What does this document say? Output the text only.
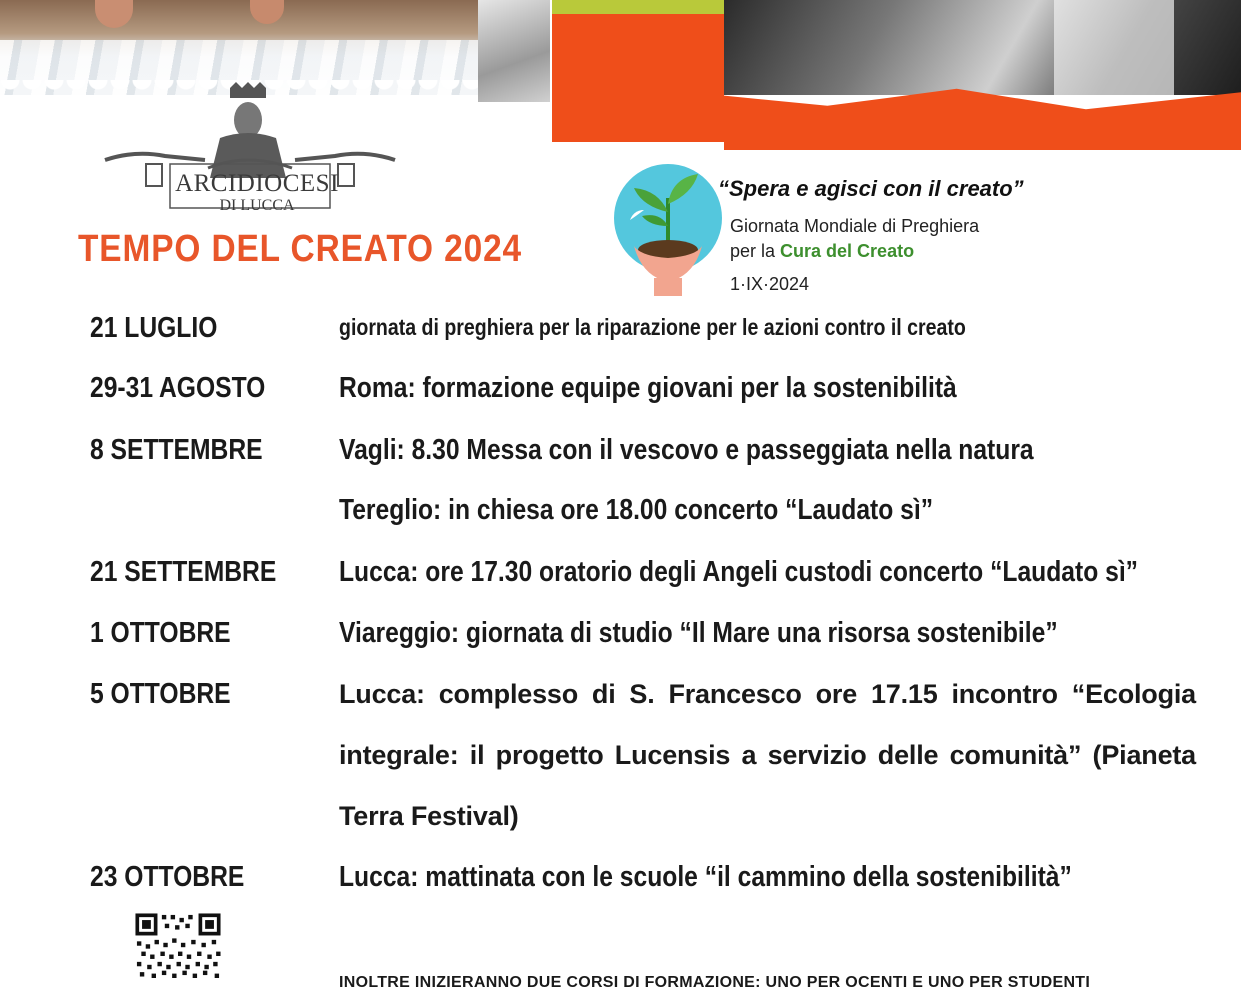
ARCIDIOCESI
DI LUCCA
TEMPO DEL CREATO 2024
“Spera e agisci con il creato”
Giornata Mondiale di Preghiera
per la Cura del Creato
1·IX·2024
21 LUGLIO	giornata di preghiera per la riparazione per le azioni contro il creato
29-31 AGOSTO	Roma: formazione equipe giovani per la sostenibilità
8 SETTEMBRE	Vagli: 8.30 Messa con il vescovo e passeggiata nella natura
Tereglio: in chiesa ore 18.00 concerto “Laudato sì”
21 SETTEMBRE Lucca: ore 17.30 oratorio degli Angeli custodi concerto “Laudato sì”
1 OTTOBRE	Viareggio: giornata di studio “Il Mare una risorsa sostenibile”
5 OTTOBRE	Lucca: complesso di S. Francesco ore 17.15 incontro “Ecologia integrale: il progetto Lucensis a servizio delle comunità” (Pianeta Terra Festival)
23 OTTOBRE	Lucca: mattinata con le scuole “il cammino della sostenibilità”
INOLTRE INIZIERANNO DUE CORSI DI FORMAZIONE: UNO PER OCENTI E UNO PER STUDENTI
